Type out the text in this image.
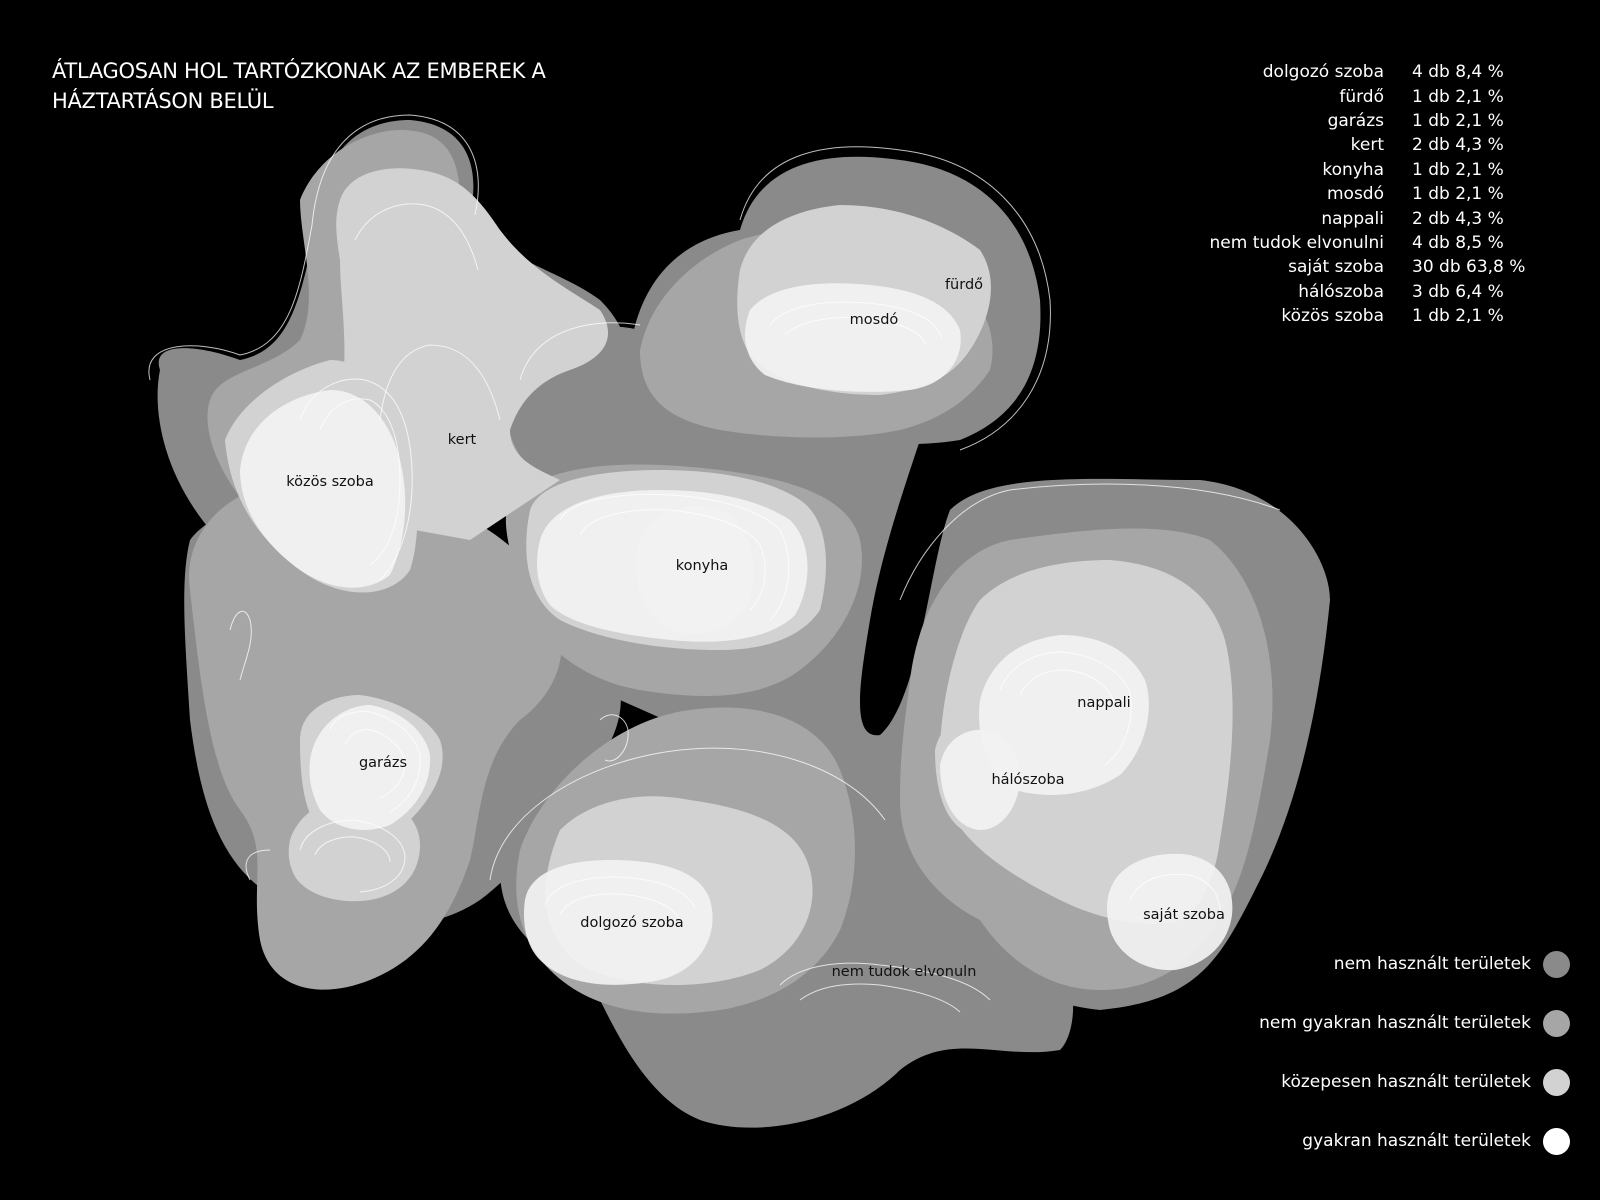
ÁTLAGOSAN HOL TARTÓZKONAK AZ EMBEREK A
HÁZTARTÁSON BELÜL
dolgozó szoba	4 db 8,4 %
fürdő	1 db 2,1 %
garázs	1 db 2,1 %
kert	2 db 4,3 %
konyha	1 db 2,1 %
mosdó	1 db 2,1 %
nappali	2 db 4,3 %
nem tudok elvonulni	4 db 8,5 %
saját szoba	30 db 63,8 %
hálószoba	3 db 6,4 %
közös szoba	1 db 2,1 %
közös szoba
kert
mosdó
fürdő
konyha
garázs
nappali
hálószoba
saját szoba
dolgozó szoba
nem tudok elvonuln	nem használt területek
nem gyakran használt területek
közepesen használt területek
gyakran használt területek
